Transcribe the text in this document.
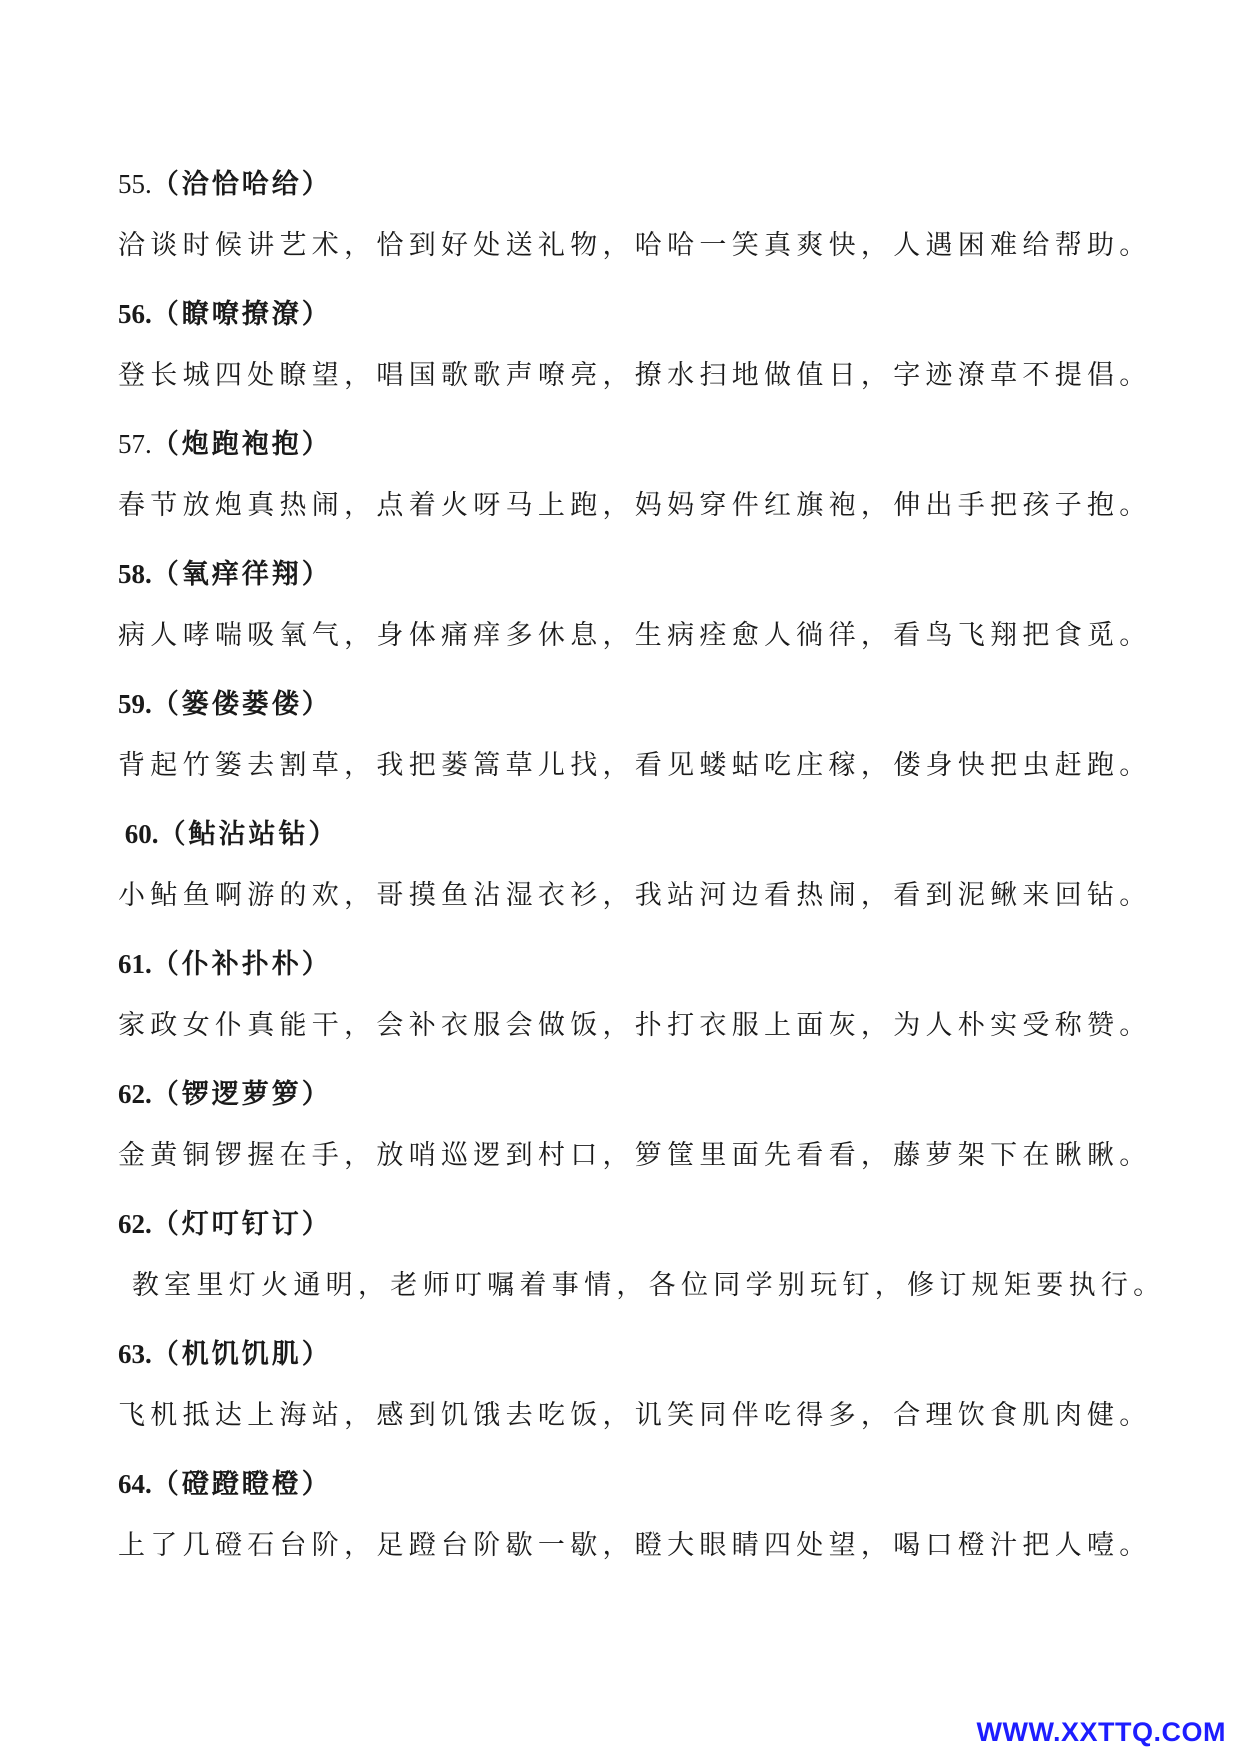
55.（洽恰哈给）
洽谈时候讲艺术，恰到好处送礼物，哈哈一笑真爽快，人遇困难给帮助。
56.（瞭嘹撩潦）
登长城四处瞭望，唱国歌歌声嘹亮，撩水扫地做值日，字迹潦草不提倡。
57.（炮跑袍抱）
春节放炮真热闹，点着火呀马上跑，妈妈穿件红旗袍，伸出手把孩子抱。
58.（氧痒徉翔）
病人哮喘吸氧气，身体痛痒多休息，生病痊愈人徜徉，看鸟飞翔把食觅。
59.（篓偻蒌偻）
背起竹篓去割草，我把蒌篙草儿找，看见蝼蛄吃庄稼，偻身快把虫赶跑。
60.（鲇沾站钻）
小鲇鱼啊游的欢，哥摸鱼沾湿衣衫，我站河边看热闹，看到泥鳅来回钻。
61.（仆补扑朴）
家政女仆真能干，会补衣服会做饭，扑打衣服上面灰，为人朴实受称赞。
62.（锣逻萝箩）
金黄铜锣握在手，放哨巡逻到村口，箩筐里面先看看，藤萝架下在瞅瞅。
62.（灯叮钉订）
教室里灯火通明，老师叮嘱着事情，各位同学别玩钉，修订规矩要执行。
63.（机饥饥肌）
飞机抵达上海站，感到饥饿去吃饭，讥笑同伴吃得多，合理饮食肌肉健。
64.（磴蹬瞪橙）
上了几磴石台阶，足蹬台阶歇一歇，瞪大眼睛四处望，喝口橙汁把人噎。
WWW.XXTTQ.COM
